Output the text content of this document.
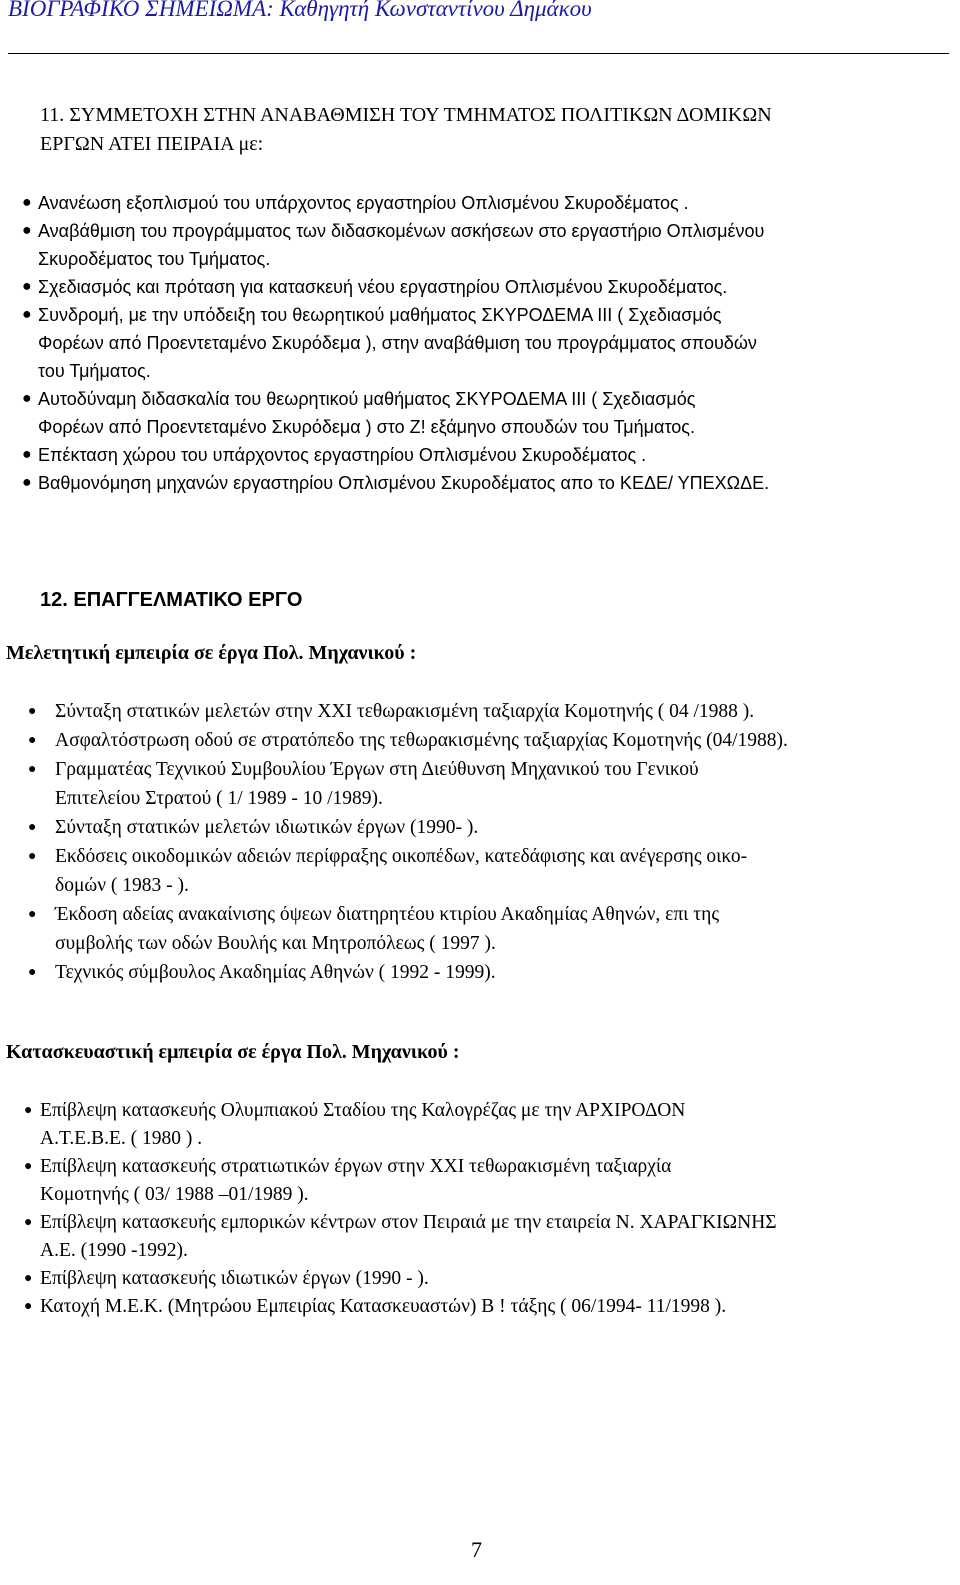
ΒΙΟΓΡΑΦΙΚΟ ΣΗΜΕΙΩΜΑ: Καθηγητή Κωνσταντίνου Δημάκου
11. ΣΥΜΜΕΤΟΧΗ ΣΤΗΝ ΑΝΑΒΑΘΜΙΣΗ ΤΟΥ ΤΜΗΜΑΤΟΣ ΠΟΛΙΤΙΚΩΝ ΔΟΜΙΚΩΝ
ΕΡΓΩΝ ΑΤΕΙ ΠΕΙΡΑΙΑ με:
● Ανανέωση εξοπλισμού του υπάρχοντος εργαστηρίου Οπλισμένου Σκυροδέματος .
● Αναβάθμιση του προγράμματος των διδασκομένων ασκήσεων στο εργαστήριο Οπλισμένου
Σκυροδέματος του Τμήματος.
● Σχεδιασμός και πρόταση για κατασκευή νέου εργαστηρίου Οπλισμένου Σκυροδέματος.
● Συνδρομή, με την υπόδειξη του θεωρητικού μαθήματος ΣΚΥΡΟΔΕΜΑ ΙΙΙ ( Σχεδιασμός
Φορέων από Προεντεταμένο Σκυρόδεμα ), στην αναβάθμιση του προγράμματος σπουδών
του Τμήματος.
● Αυτοδύναμη διδασκαλία του θεωρητικού μαθήματος ΣΚΥΡΟΔΕΜΑ ΙΙΙ ( Σχεδιασμός
Φορέων από Προεντεταμένο Σκυρόδεμα ) στο Ζ! εξάμηνο σπουδών του Τμήματος.
● Επέκταση χώρου του υπάρχοντος εργαστηρίου Οπλισμένου Σκυροδέματος .
● Βαθμονόμηση μηχανών εργαστηρίου Οπλισμένου Σκυροδέματος απο το ΚΕΔΕ/ ΥΠΕΧΩΔΕ.
12. ΕΠΑΓΓΕΛΜΑΤΙΚΟ ΕΡΓΟ
Μελετητική εμπειρία σε έργα Πολ. Μηχανικού :
● Σύνταξη στατικών μελετών στην ΧΧΙ τεθωρακισμένη ταξιαρχία Κομοτηνής ( 04 /1988 ).
● Ασφαλτόστρωση οδού σε στρατόπεδο της τεθωρακισμένης ταξιαρχίας Κομοτηνής (04/1988).
● Γραμματέας Τεχνικού Συμβουλίου Έργων στη Διεύθυνση Μηχανικού του Γενικού
Επιτελείου Στρατού ( 1/ 1989 - 10 /1989).
● Σύνταξη στατικών μελετών ιδιωτικών έργων (1990- ).
● Εκδόσεις οικοδομικών αδειών περίφραξης οικοπέδων, κατεδάφισης και ανέγερσης οικο-
δομών ( 1983 - ).
● Έκδοση αδείας ανακαίνισης όψεων διατηρητέου κτιρίου Ακαδημίας Αθηνών, επι της
συμβολής των οδών Βουλής και Μητροπόλεως ( 1997 ).
● Τεχνικός σύμβουλος Ακαδημίας Αθηνών ( 1992 - 1999).
Κατασκευαστική εμπειρία σε έργα Πολ. Μηχανικού :
● Επίβλεψη κατασκευής Ολυμπιακού Σταδίου της Καλογρέζας με την ΑΡΧΙΡΟΔΟΝ
Α.Τ.Ε.Β.Ε. ( 1980 ) .
● Επίβλεψη κατασκευής στρατιωτικών έργων στην ΧΧΙ τεθωρακισμένη ταξιαρχία
Κομοτηνής ( 03/ 1988 –01/1989 ).
● Επίβλεψη κατασκευής εμπορικών κέντρων στον Πειραιά με την εταιρεία Ν. ΧΑΡΑΓΚΙΩΝΗΣ
Α.Ε. (1990 -1992).
● Επίβλεψη κατασκευής ιδιωτικών έργων (1990 - ).
● Κατοχή Μ.Ε.Κ. (Μητρώου Εμπειρίας Κατασκευαστών) Β ! τάξης ( 06/1994- 11/1998 ).
7
